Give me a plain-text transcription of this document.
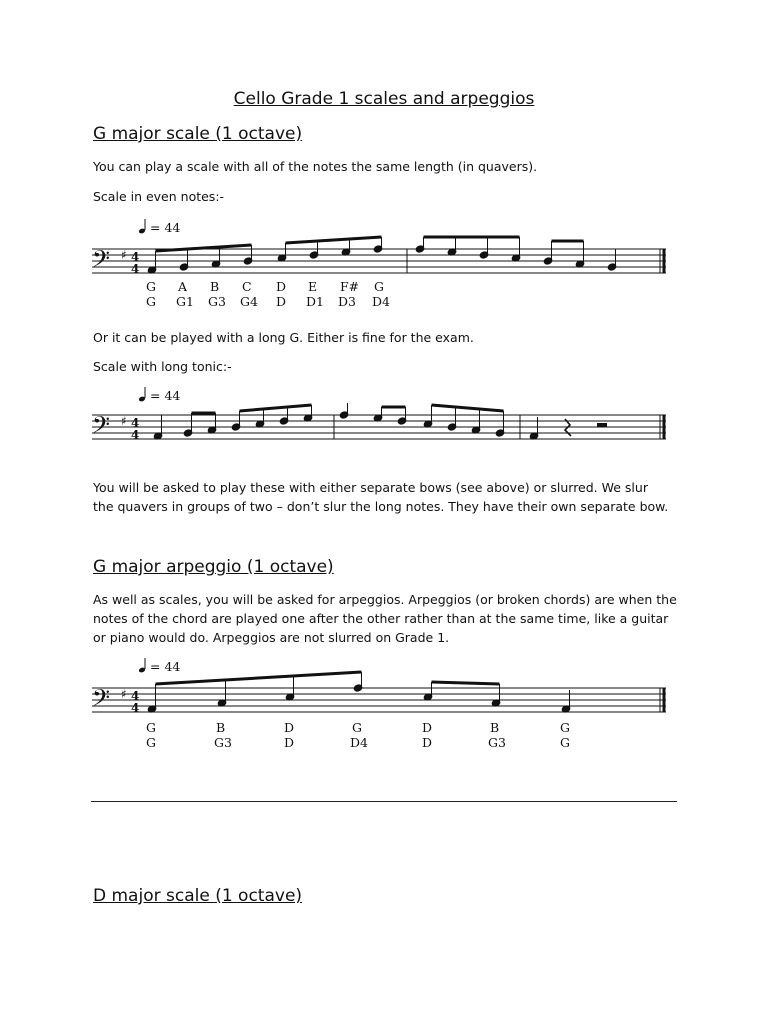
Cello Grade 1 scales and arpeggios
G major scale (1 octave)
You can play a scale with all of the notes the same length (in quavers).
Scale in even notes:-
= 44
𝄢 ♯ 4
4
G A B C D E F# G
G G1 G3 G4 D D1 D3 D4
Or it can be played with a long G. Either is fine for the exam.
Scale with long tonic:-
= 44
𝄢 ♯ 4
4
You will be asked to play these with either separate bows (see above) or slurred. We slur
the quavers in groups of two – don’t slur the long notes. They have their own separate bow.
G major arpeggio (1 octave)
As well as scales, you will be asked for arpeggios. Arpeggios (or broken chords) are when the
notes of the chord are played one after the other rather than at the same time, like a guitar
or piano would do. Arpeggios are not slurred on Grade 1.
= 44
𝄢 ♯ 4
4
G	B	D	G	D	B	G
G	G3	D	D4	D	G3	G
D major scale (1 octave)
